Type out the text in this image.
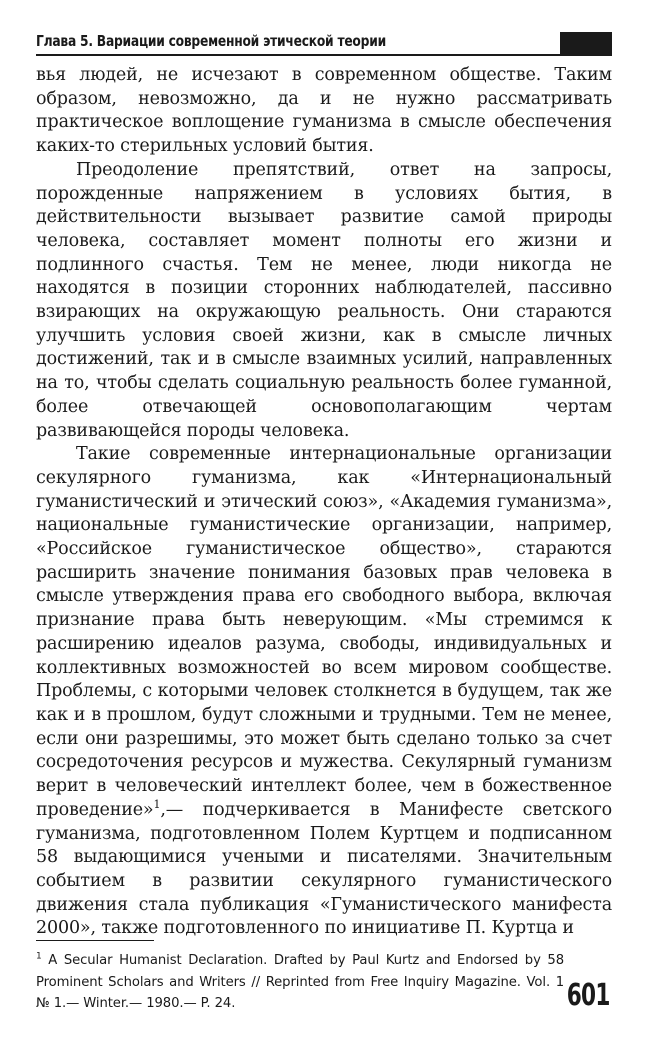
Глава 5. Вариации современной этической теории

вья людей, не исчезают в современном обществе. Таким образом, невозможно, да и не нужно рассматривать практическое воплощение гуманизма в смысле обеспечения каких-то стерильных условий бытия.

Преодоление препятствий, ответ на запросы, порожденные напряжением в условиях бытия, в действительности вызывает развитие самой природы человека, составляет момент полноты его жизни и подлинного счастья. Тем не менее, люди никогда не находятся в позиции сторонних наблюдателей, пассивно взирающих на окружающую реальность. Они стараются улучшить условия своей жизни, как в смысле личных достижений, так и в смысле взаимных усилий, направленных на то, чтобы сделать социальную реальность более гуманной, более отвечающей основополагающим чертам развивающейся породы человека.

Такие современные интернациональные организации секулярного гуманизма, как «Интернациональный гуманистический и этический союз», «Академия гуманизма», национальные гуманистические организации, например, «Российское гуманистическое общество», стараются расширить значение понимания базовых прав человека в смысле утверждения права его свободного выбора, включая признание права быть неверующим. «Мы стремимся к расширению идеалов разума, свободы, индивидуальных и коллективных возможностей во всем мировом сообществе. Проблемы, с которыми человек столкнется в будущем, так же как и в прошлом, будут сложными и трудными. Тем не менее, если они разрешимы, это может быть сделано только за счет сосредоточения ресурсов и мужества. Секулярный гуманизм верит в человеческий интеллект более, чем в божественное проведение»$^1$,— подчеркивается в Манифесте светского гуманизма, подготовленном Полем Куртцем и подписанном 58 выдающимися учеными и писателями. Значительным событием в развитии секулярного гуманистического движения стала публикация «Гуманистического манифеста 2000», также подготовленного по инициативе П. Куртца и

$^1$ A Secular Humanist Declaration. Drafted by Paul Kurtz and Endorsed by 58 Prominent Scholars and Writers // Reprinted from Free Inquiry Magazine. Vol. 1 № 1.— Winter.— 1980.— P. 24.	601
